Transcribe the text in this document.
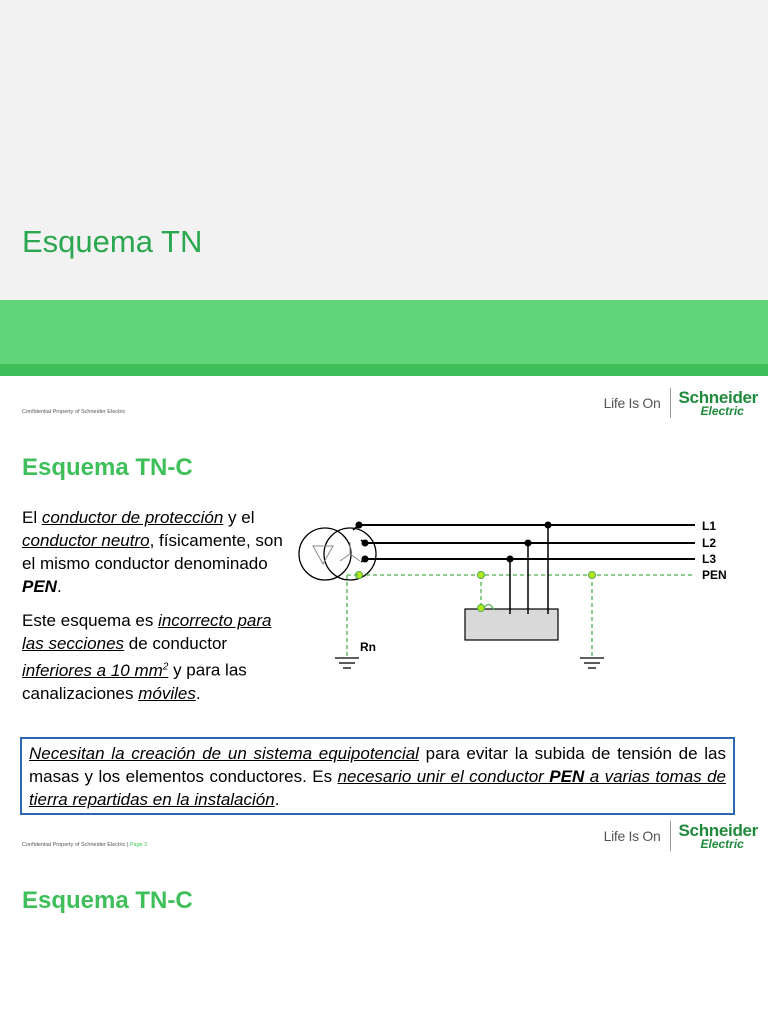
Esquema TN
Confidential Property of Schneider Electric
Life Is On	Schneider
Electric
Esquema TN-C
El conductor de protección y el conductor neutro, físicamente, son el mismo conductor denominado PEN.
Este esquema es incorrecto para las secciones de conductor inferiores a 10 $mm^2$ y para las canalizaciones móviles.
L1
L2
L3
PEN
Rn
Necesitan la creación de un sistema equipotencial para evitar la subida de tensión de las masas y los elementos conductores. Es necesario unir el conductor PEN a varias tomas de tierra repartidas en la instalación.
Confidential Property of Schneider Electric | Page 2
Life Is On	Schneider
Electric
Esquema TN-C
